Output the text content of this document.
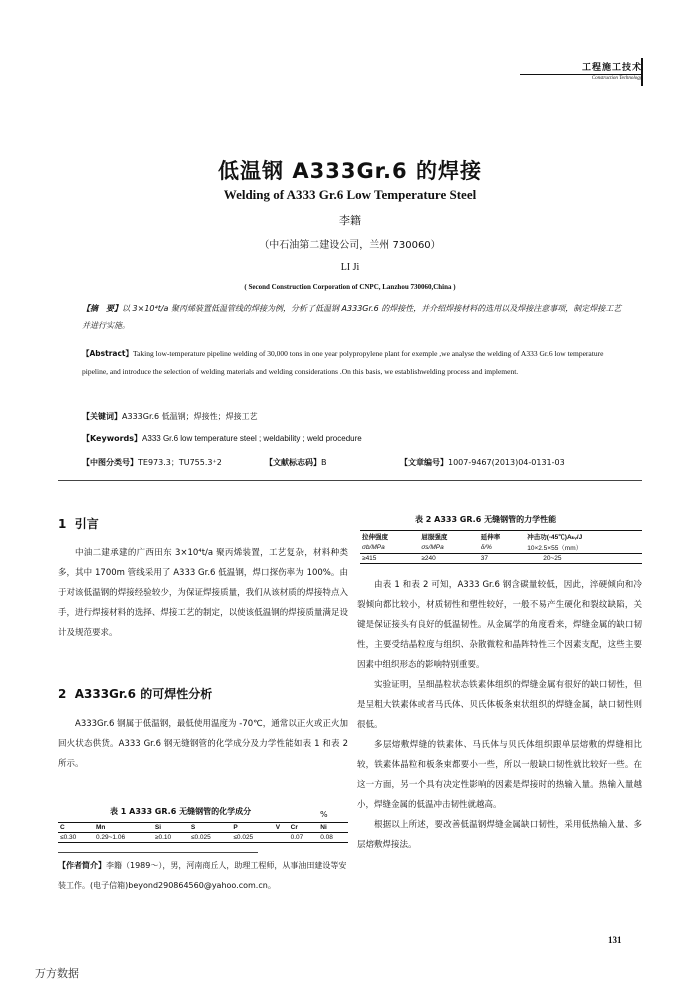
工程施工技术
Construction Technology
低温钢 A333Gr.6 的焊接
Welding of A333 Gr.6 Low Temperature Steel
李籍
（中石油第二建设公司，兰州 730060）
LI Ji
( Second Construction Corporation of CNPC, Lanzhou 730060,China )
【摘　要】以 3×10⁴t/a 聚丙烯装置低温管线的焊接为例，分析了低温钢 A333Gr.6 的焊接性，并介绍焊接材料的选用以及焊接注意事项，制定焊接工艺并进行实施。
【Abstract】Taking low-temperature pipeline welding of 30,000 tons in one year polypropylene plant for exemple ,we analyse the welding of A333 Gr.6 low temperature pipeline, and introduce the selection of welding materials and welding considerations .On this basis, we establishwelding process and implement.
【关键词】A333Gr.6 低温钢；焊接性；焊接工艺
【Keywords】A333 Gr.6 low temperature steel ; weldability ; weld procedure
【中图分类号】TE973.3；TU755.3⁺2	【文献标志码】B	【文章编号】1007-9467(2013)04-0131-03
1 引言

中油二建承建的广西田东 3×10⁴t/a 聚丙烯装置，工艺复杂，材料种类多，其中 1700m 管线采用了 A333 Gr.6 低温钢，焊口探伤率为 100%。由于对该低温钢的焊接经验较少，为保证焊接质量，我们从该材质的焊接特点入手，进行焊接材料的选择、焊接工艺的制定，以使该低温钢的焊接质量满足设计及规范要求。

2 A333Gr.6 的可焊性分析

A333Gr.6 钢属于低温钢，最低使用温度为 -70℃，通常以正火或正火加回火状态供货。A333 Gr.6 钢无缝钢管的化学成分及力学性能如表 1 和表 2 所示。

表 1 A333 GR.6 无缝钢管的化学成分	%
C	Mn	Si	S	P	V	Cr	Ni
≤0.30	0.29~1.06	≥0.10	≤0.025	≤0.025		0.07	0.08
【作者简介】李籍（1989～），男，河南商丘人，助理工程师，从事油田建设等安装工作。(电子信箱)beyond290864560@yahoo.com.cn。
表 2 A333 GR.6 无缝钢管的力学性能
拉伸强度	屈服强度	延伸率	冲击功(-45℃)Aₖᵥ/J
σb/MPa	σs/MPa	δ/%	10×2.5×55（mm）
≥415	≥240	37	20~25

由表 1 和表 2 可知，A333 Gr.6 钢含碳量较低，因此，淬硬倾向和冷裂倾向都比较小，材质韧性和塑性较好，一般不易产生硬化和裂纹缺陷，关键是保证接头有良好的低温韧性。从金属学的角度看来，焊缝金属的缺口韧性，主要受结晶粒度与组织、杂散微粒和晶阵特性三个因素支配，这些主要因素中组织形态的影响特别重要。

实验证明，呈细晶粒状态铁素体组织的焊缝金属有很好的缺口韧性，但是呈粗大铁素体或者马氏体、贝氏体板条束状组织的焊缝金属，缺口韧性则很低。

多层熔敷焊缝的铁素体、马氏体与贝氏体组织跟单层熔敷的焊缝相比较，铁素体晶粒和板条束都要小一些，所以一般缺口韧性就比较好一些。在这一方面，另一个具有决定性影响的因素是焊接时的热输入量。热输入量越小，焊缝金属的低温冲击韧性就越高。

根据以上所述，要改善低温钢焊缝金属缺口韧性，采用低热输入量、多层熔敷焊接法。

131
万方数据
